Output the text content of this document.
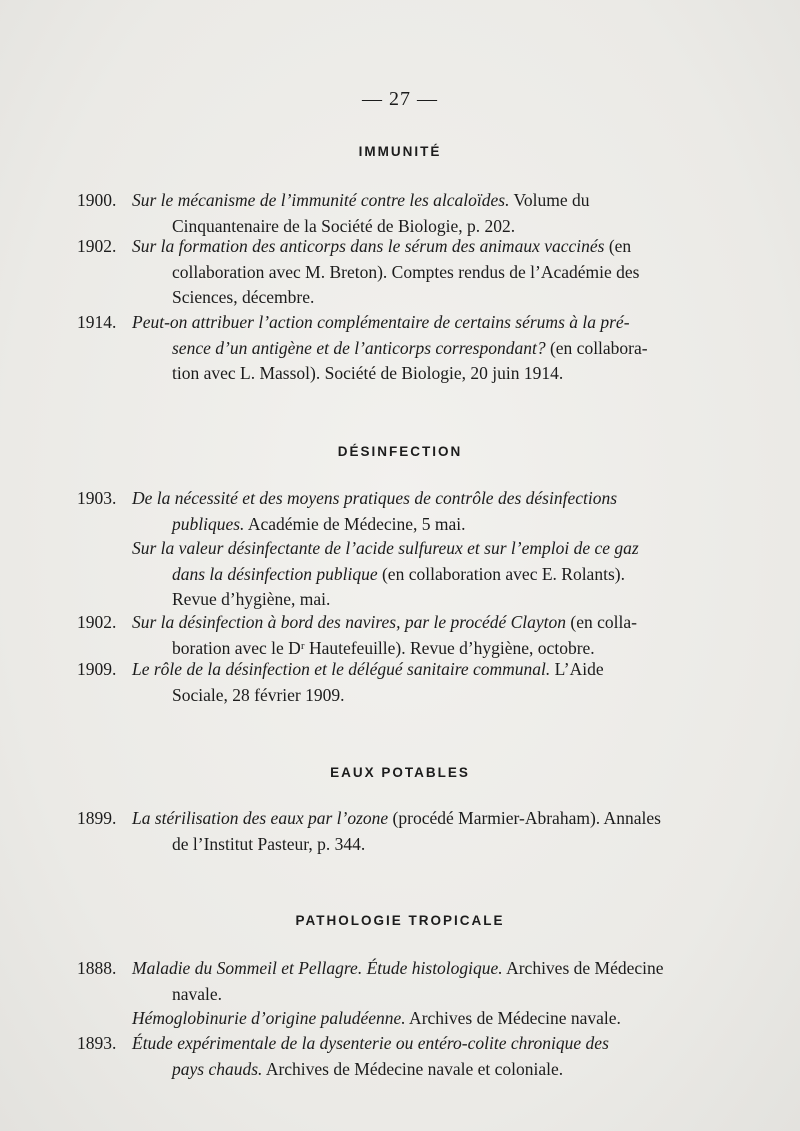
— 27 —
IMMUNITÉ
1900. Sur le mécanisme de l’immunité contre les alcaloïdes. Volume du
Cinquantenaire de la Société de Biologie, p. 202.
1902. Sur la formation des anticorps dans le sérum des animaux vaccinés (en
collaboration avec M. Breton). Comptes rendus de l’Académie des
Sciences, décembre.
1914. Peut-on attribuer l’action complémentaire de certains sérums à la pré-
sence d’un antigène et de l’anticorps correspondant? (en collabora-
tion avec L. Massol). Société de Biologie, 20 juin 1914.
DÉSINFECTION
1903. De la nécessité et des moyens pratiques de contrôle des désinfections
publiques. Académie de Médecine, 5 mai.
Sur la valeur désinfectante de l’acide sulfureux et sur l’emploi de ce gaz
dans la désinfection publique (en collaboration avec E. Rolants).
Revue d’hygiène, mai.
1902. Sur la désinfection à bord des navires, par le procédé Clayton (en colla-
boration avec le Dʳ Hautefeuille). Revue d’hygiène, octobre.
1909. Le rôle de la désinfection et le délégué sanitaire communal. L’Aide
Sociale, 28 février 1909.
EAUX POTABLES
1899. La stérilisation des eaux par l’ozone (procédé Marmier-Abraham). Annales
de l’Institut Pasteur, p. 344.
PATHOLOGIE TROPICALE
1888. Maladie du Sommeil et Pellagre. Étude histologique. Archives de Médecine
navale.
Hémoglobinurie d’origine paludéenne. Archives de Médecine navale.
1893. Étude expérimentale de la dysenterie ou entéro-colite chronique des
pays chauds. Archives de Médecine navale et coloniale.
